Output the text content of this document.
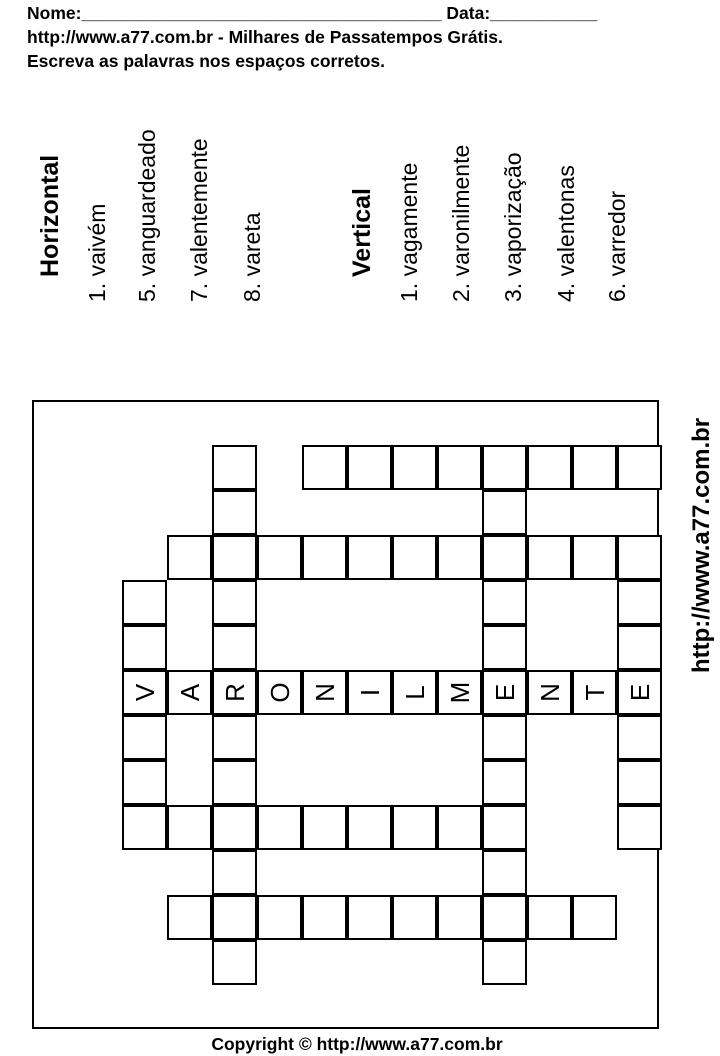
Nome:_____________________________________ Data:___________
http://www.a77.com.br - Milhares de Passatempos Grátis.
Escreva as palavras nos espaços corretos.
Horizontal 1. vaivém 5. vanguardeado 7. valentemente 8. vareta	Vertical 1. vagamente 2. varonilmente 3. vaporização 4. valentonas 6. varredor
V A R O N I L M E N T E
http://www.a77.com.br
Copyright © http://www.a77.com.br
